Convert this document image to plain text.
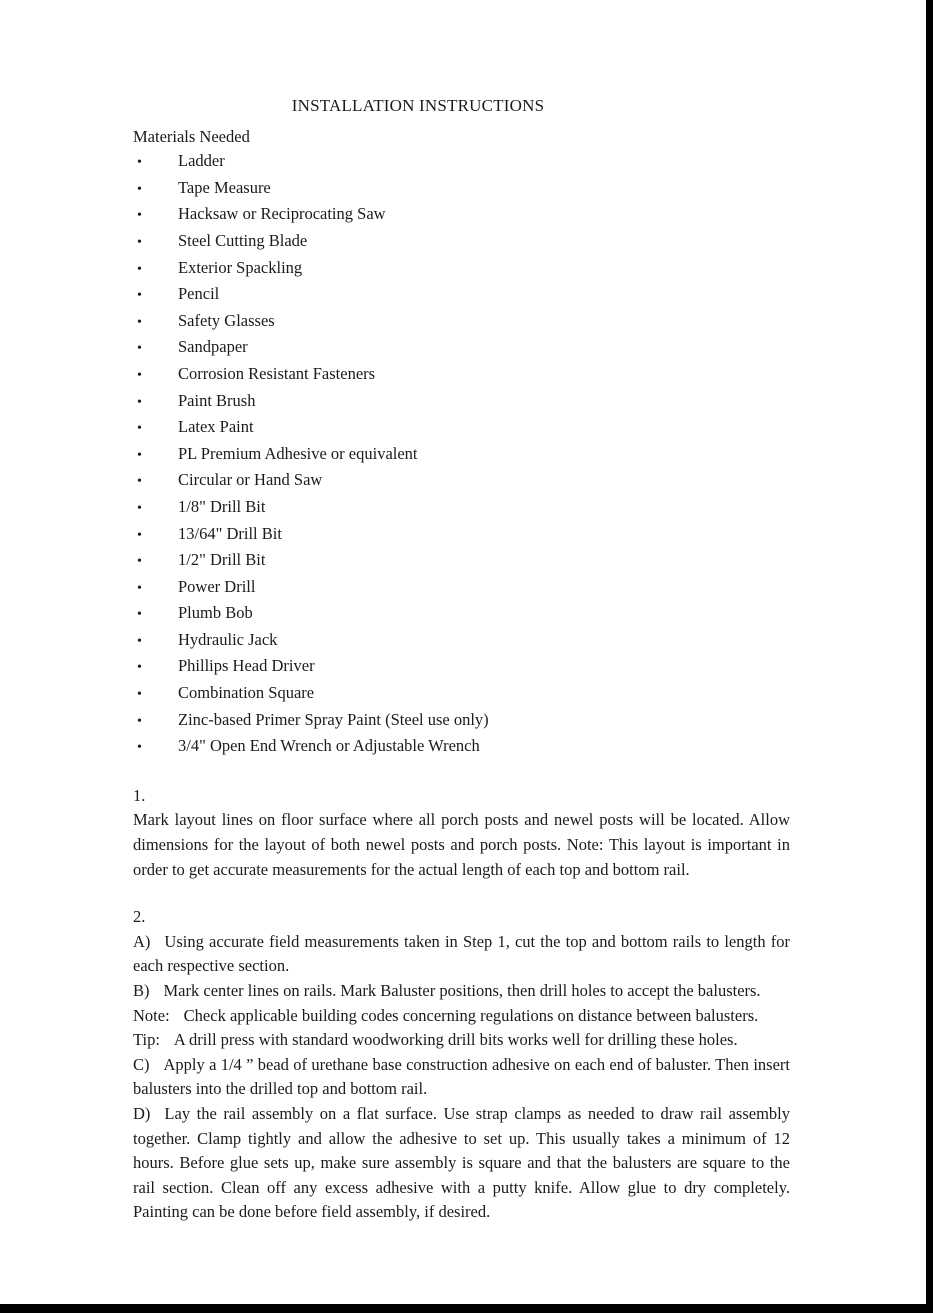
INSTALLATION INSTRUCTIONS
Materials Needed
•	Ladder
•	Tape Measure
•	Hacksaw or Reciprocating Saw
•	Steel Cutting Blade
•	Exterior Spackling
•	Pencil
•	Safety Glasses
•	Sandpaper
•	Corrosion Resistant Fasteners
•	Paint Brush
•	Latex Paint
•	PL Premium Adhesive or equivalent
•	Circular or Hand Saw
•	1/8" Drill Bit
•	13/64" Drill Bit
•	1/2" Drill Bit
•	Power Drill
•	Plumb Bob
•	Hydraulic Jack
•	Phillips Head Driver
•	Combination Square
•	Zinc-based Primer Spray Paint (Steel use only)
•	3/4" Open End Wrench or Adjustable Wrench
1.

Mark layout lines on floor surface where all porch posts and newel posts will be located. Allow dimensions for the layout of both newel posts and porch posts. Note: This layout is important in order to get accurate measurements for the actual length of each top and bottom rail.

2.

A) Using accurate field measurements taken in Step 1, cut the top and bottom rails to length for each respective section.

B) Mark center lines on rails. Mark Baluster positions, then drill holes to accept the balusters.

Note: Check applicable building codes concerning regulations on distance between balusters.

Tip: A drill press with standard woodworking drill bits works well for drilling these holes.

C) Apply a 1/4 ” bead of urethane base construction adhesive on each end of baluster. Then insert balusters into the drilled top and bottom rail.

D) Lay the rail assembly on a flat surface. Use strap clamps as needed to draw rail assembly together. Clamp tightly and allow the adhesive to set up. This usually takes a minimum of 12 hours. Before glue sets up, make sure assembly is square and that the balusters are square to the rail section. Clean off any excess adhesive with a putty knife. Allow glue to dry completely. Painting can be done before field assembly, if desired.
